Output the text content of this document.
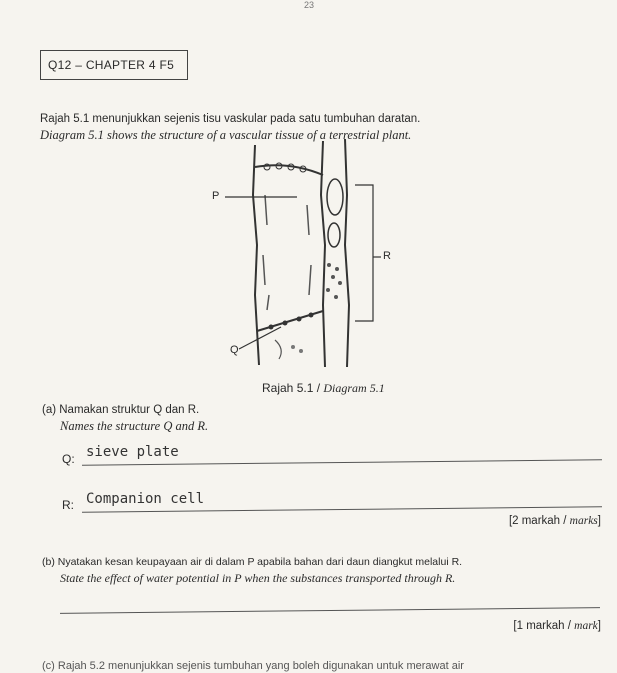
23
Q12 – CHAPTER 4 F5
Rajah 5.1 menunjukkan sejenis tisu vaskular pada satu tumbuhan daratan.
Diagram 5.1 shows the structure of a vascular tissue of a terrestrial plant.
P
Q
R
Rajah 5.1 / Diagram 5.1
(a) Namakan struktur Q dan R.
Names the structure Q and R.
Q: sieve plate
R: Companion cell
[2 markah / marks]
(b) Nyatakan kesan keupayaan air di dalam P apabila bahan dari daun diangkut melalui R.
State the effect of water potential in P when the substances transported through R.
[1 markah / mark]
(c) Rajah 5.2 menunjukkan sejenis tumbuhan yang boleh digunakan untuk merawat air
